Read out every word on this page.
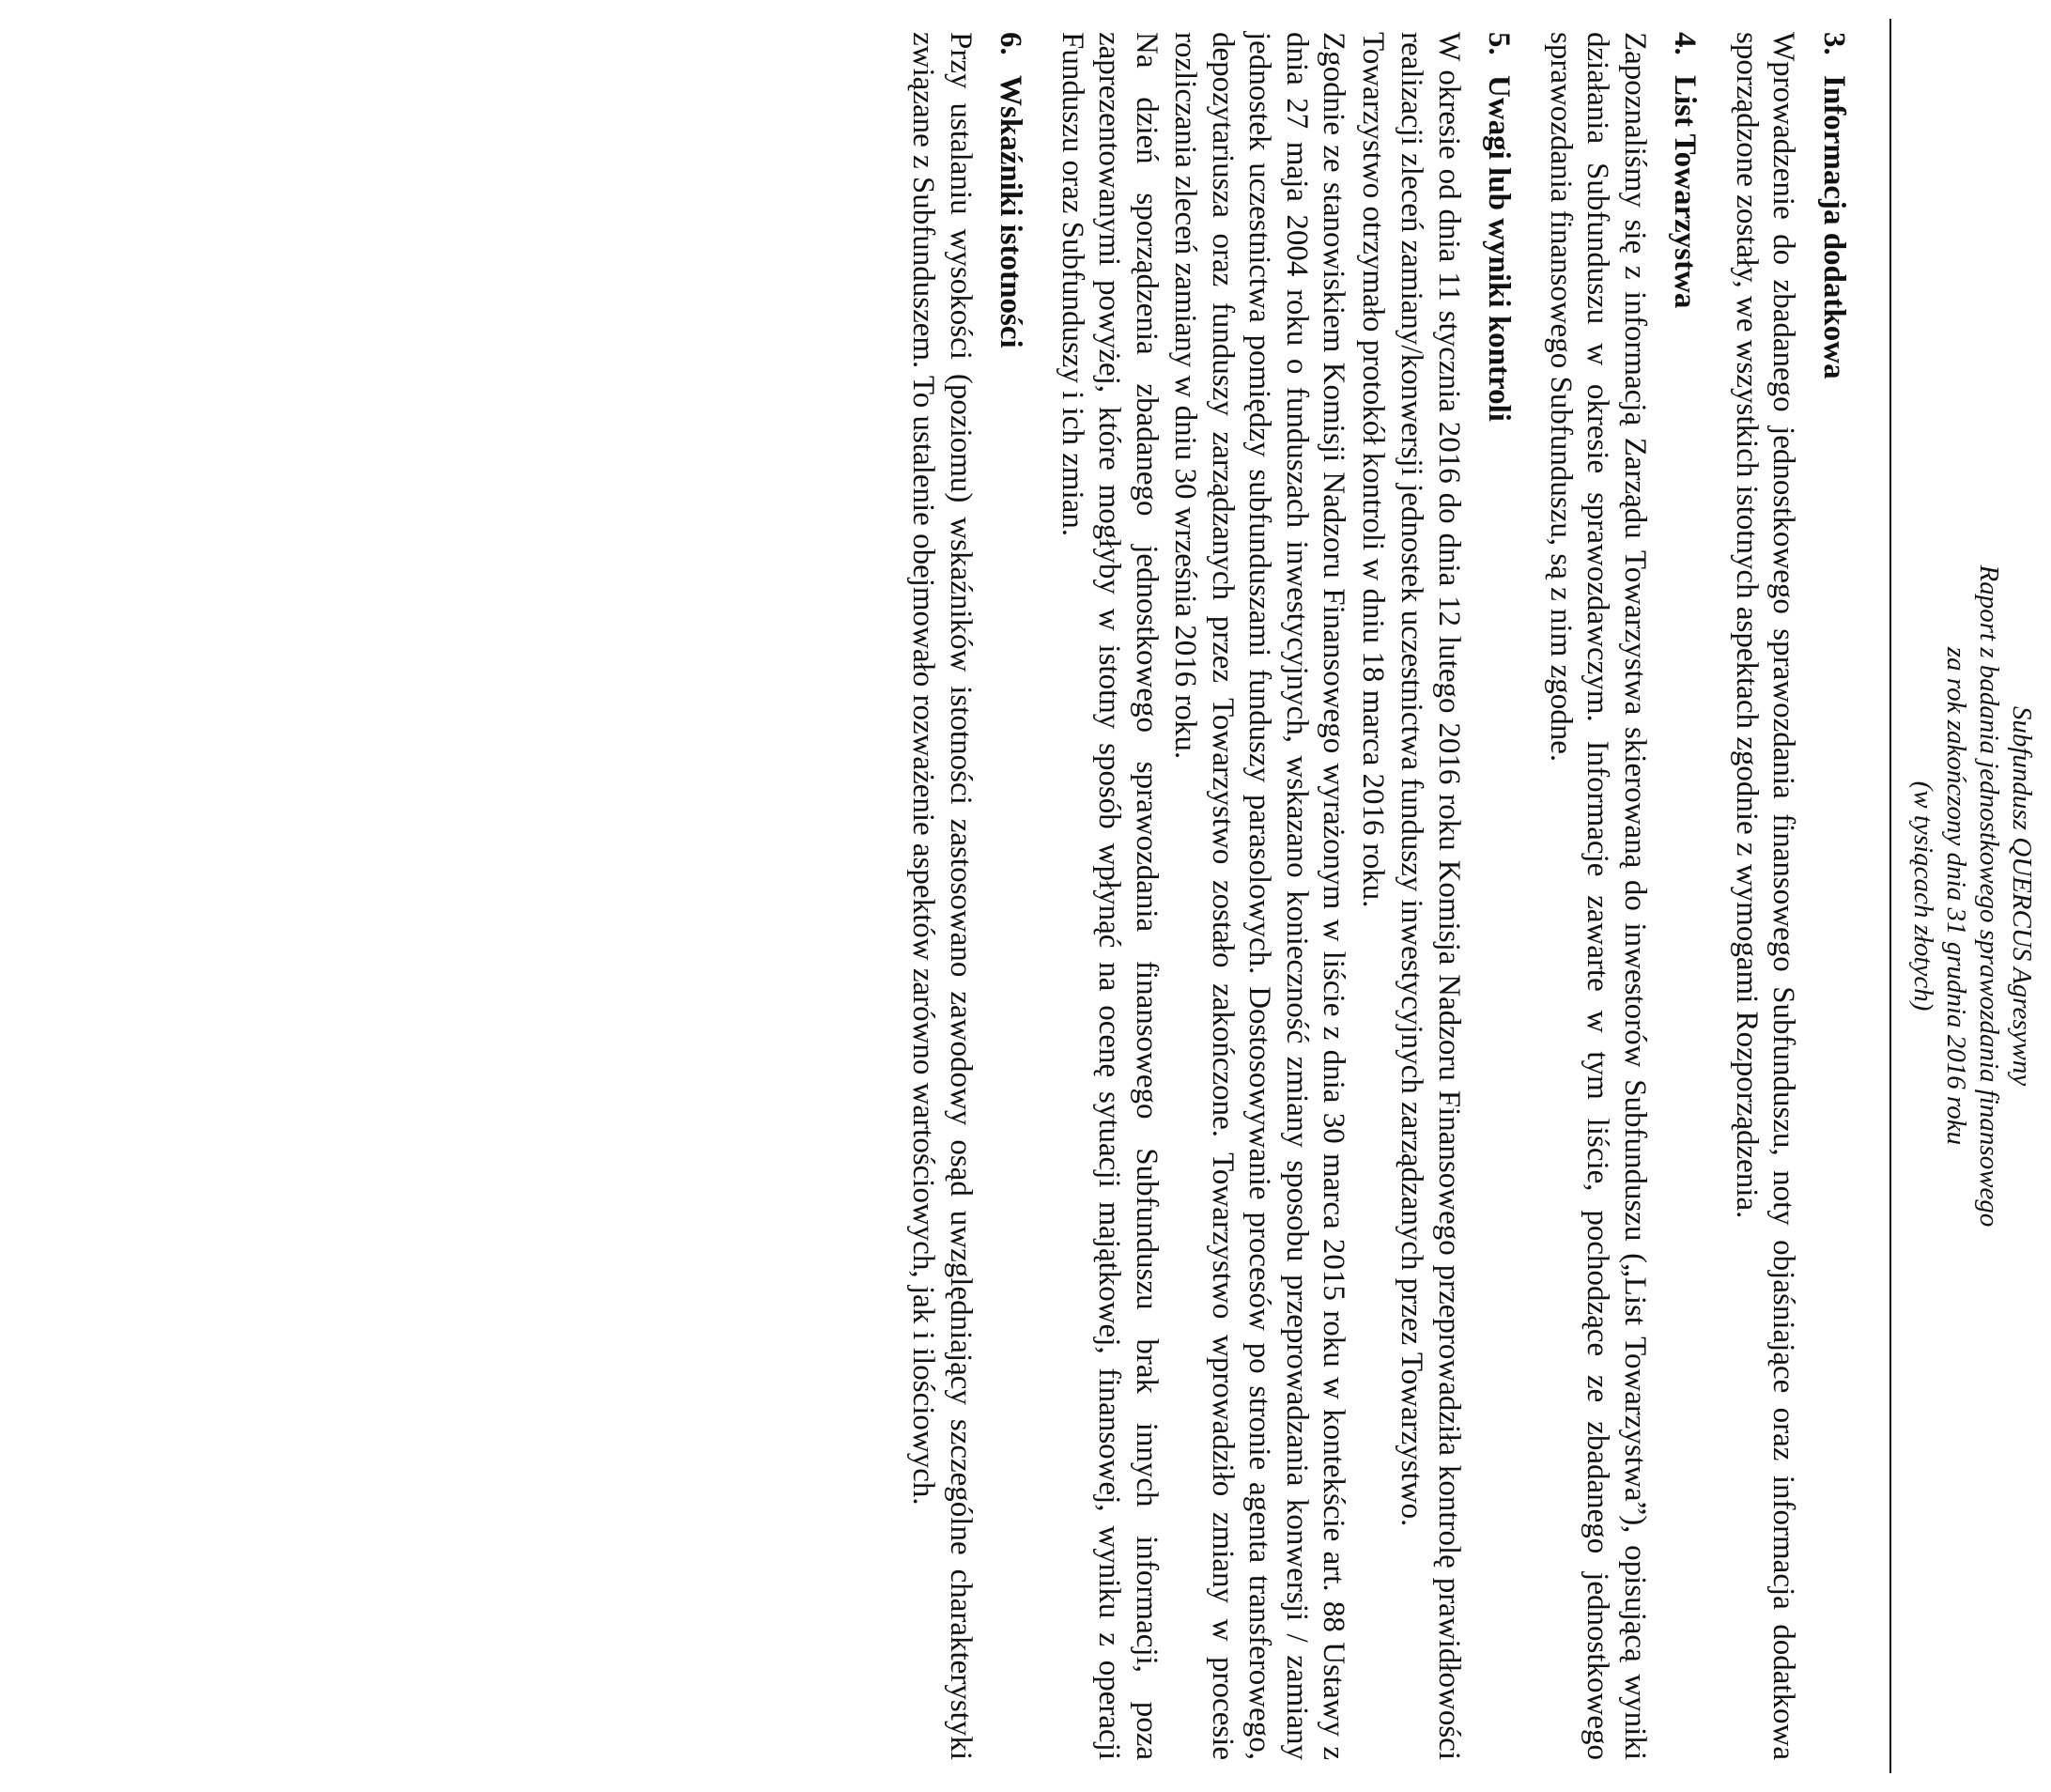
Subfundusz QUERCUS Agresywny
Raport z badania jednostkowego sprawozdania finansowego
za rok zakończony dnia 31 grudnia 2016 roku
(w tysiącach złotych)
3.Informacja dodatkowa

Wprowadzenie do zbadanego jednostkowego sprawozdania finansowego Subfunduszu, noty objaśniające oraz informacja dodatkowa sporządzone zostały, we wszystkich istotnych aspektach zgodnie z wymogami Rozporządzenia.

4.List Towarzystwa

Zapoznaliśmy się z informacją Zarządu Towarzystwa skierowaną do inwestorów Subfunduszu („List Towarzystwa”), opisującą wyniki działania Subfunduszu w okresie sprawozdawczym. Informacje zawarte w tym liście, pochodzące ze zbadanego jednostkowego sprawozdania finansowego Subfunduszu, są z nim zgodne.

5.Uwagi lub wyniki kontroli

W okresie od dnia 11 stycznia 2016 do dnia 12 lutego 2016 roku Komisja Nadzoru Finansowego przeprowadziła kontrolę prawidłowości realizacji zleceń zamiany/konwersji jednostek uczestnictwa funduszy inwestycyjnych zarządzanych przez Towarzystwo.

Towarzystwo otrzymało protokół kontroli w dniu 18 marca 2016 roku.

Zgodnie ze stanowiskiem Komisji Nadzoru Finansowego wyrażonym w liście z dnia 30 marca 2015 roku w kontekście art. 88 Ustawy z dnia 27 maja 2004 roku o funduszach inwestycyjnych, wskazano konieczność zmiany sposobu przeprowadzania konwersji / zamiany jednostek uczestnictwa pomiędzy subfunduszami funduszy parasolowych. Dostosowywanie procesów po stronie agenta transferowego, depozytariusza oraz funduszy zarządzanych przez Towarzystwo zostało zakończone. Towarzystwo wprowadziło zmiany w procesie rozliczania zleceń zamiany w dniu 30 września 2016 roku.

Na dzień sporządzenia zbadanego jednostkowego sprawozdania finansowego Subfunduszu brak innych informacji, poza zaprezentowanymi powyżej, które mogłyby w istotny sposób wpłynąć na ocenę sytuacji majątkowej, finansowej, wyniku z operacji Funduszu oraz Subfunduszy i ich zmian.

6.Wskaźniki istotności

Przy ustalaniu wysokości (poziomu) wskaźników istotności zastosowano zawodowy osąd uwzględniający szczególne charakterystyki związane z Subfunduszem. To ustalenie obejmowało rozważenie aspektów zarówno wartościowych, jak i ilościowych.
